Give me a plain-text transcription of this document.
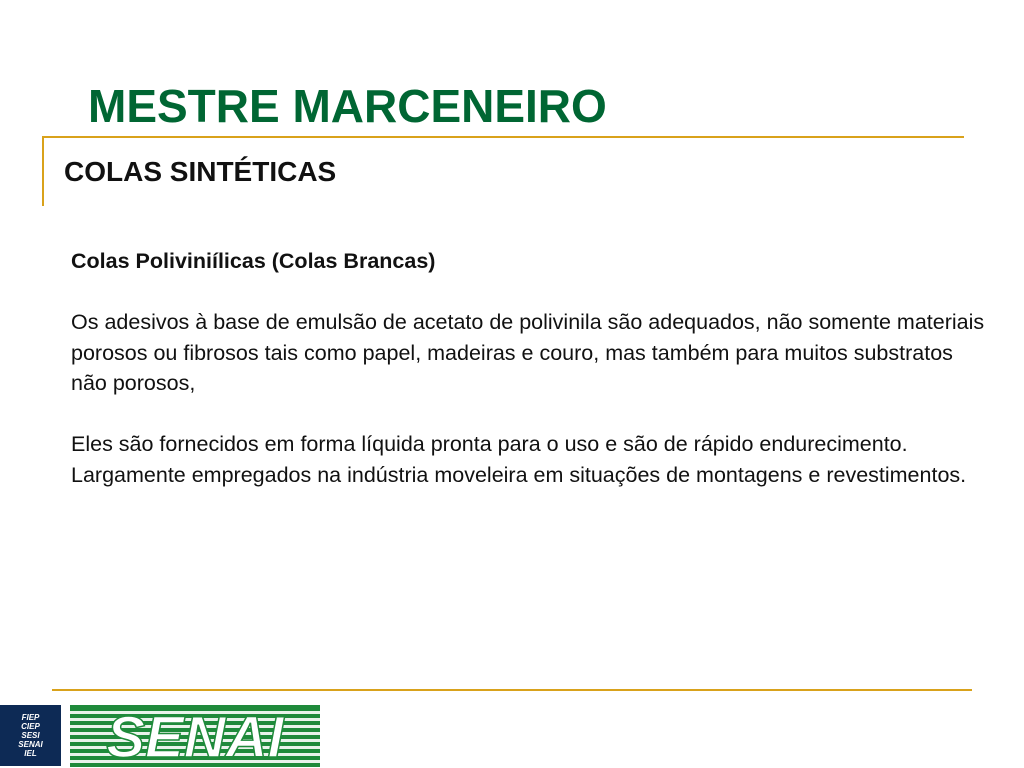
MESTRE MARCENEIRO
COLAS SINTÉTICAS
Colas Poliviniílicas (Colas Brancas)

Os adesivos à base de emulsão de acetato de polivinila são adequados, não somente materiais porosos ou fibrosos tais como papel, madeiras e couro, mas também para muitos substratos não porosos,

Eles são fornecidos em forma líquida pronta para o uso e são de rápido endurecimento. Largamente empregados na indústria moveleira em situações de montagens e revestimentos.

FIEP
CIEP
SESI
SENAI
IEL SENAI
